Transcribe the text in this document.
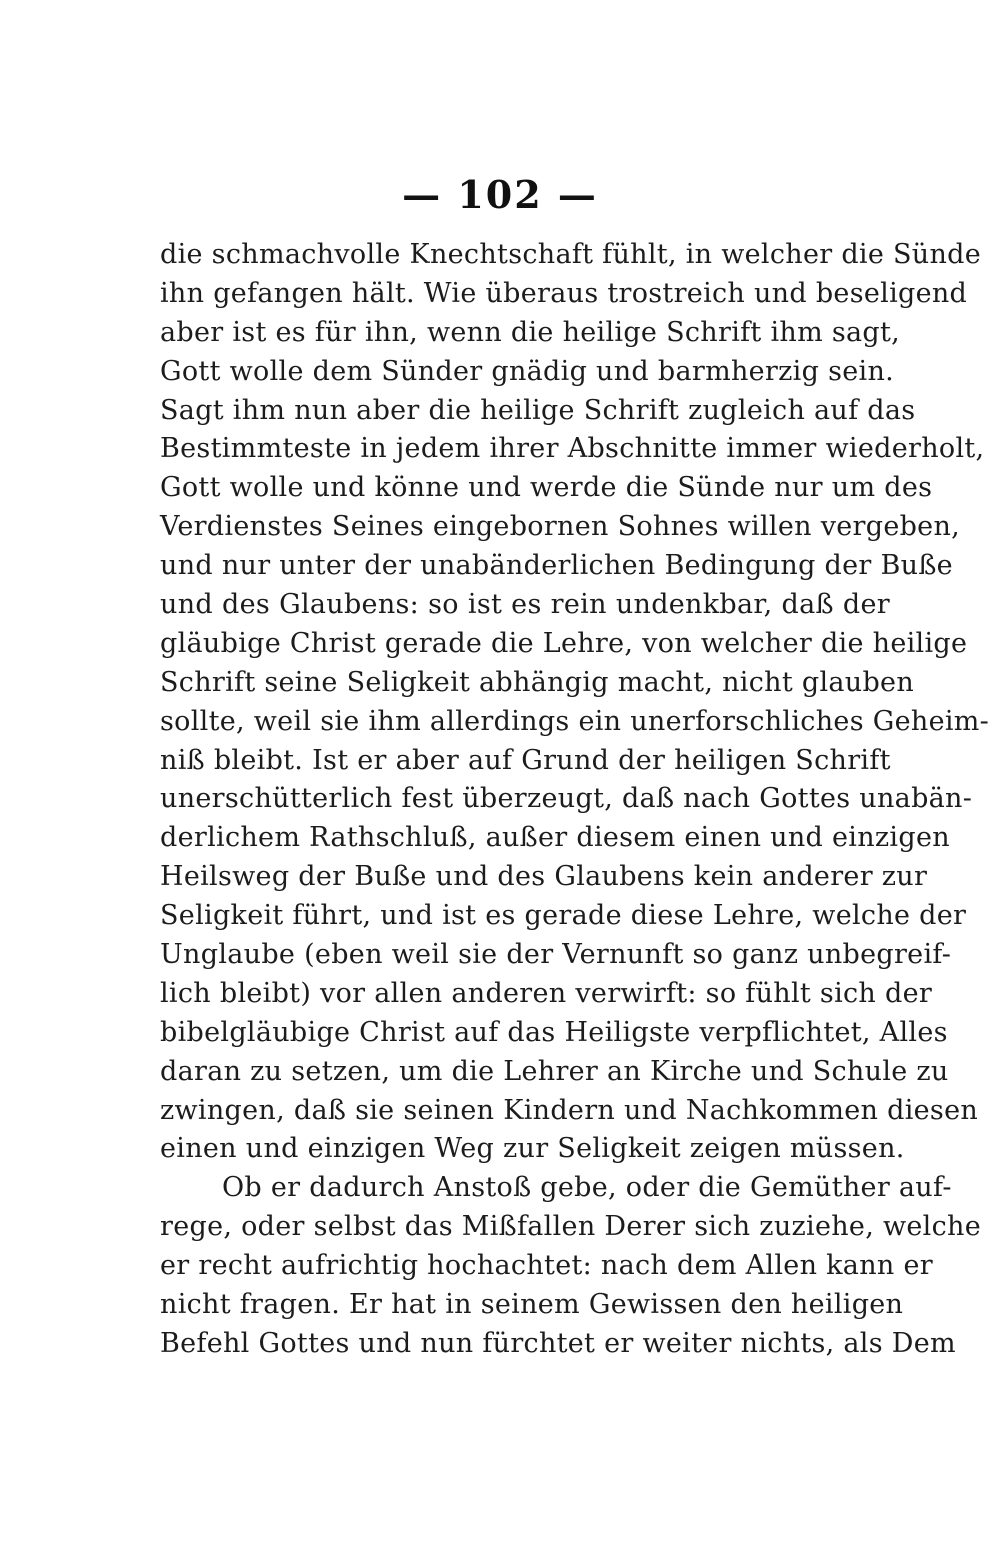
— 102 —
die schmachvolle Knechtschaft fühlt, in welcher die Sünde
ihn gefangen hält. Wie überaus trostreich und beseligend
aber ist es für ihn, wenn die heilige Schrift ihm sagt,
Gott wolle dem Sünder gnädig und barmherzig sein.
Sagt ihm nun aber die heilige Schrift zugleich auf das
Bestimmteste in jedem ihrer Abschnitte immer wiederholt,
Gott wolle und könne und werde die Sünde nur um des
Verdienstes Seines eingebornen Sohnes willen vergeben,
und nur unter der unabänderlichen Bedingung der Buße
und des Glaubens: so ist es rein undenkbar, daß der
gläubige Christ gerade die Lehre, von welcher die heilige
Schrift seine Seligkeit abhängig macht, nicht glauben
sollte, weil sie ihm allerdings ein unerforschliches Geheim-
niß bleibt. Ist er aber auf Grund der heiligen Schrift
unerschütterlich fest überzeugt, daß nach Gottes unabän-
derlichem Rathschluß, außer diesem einen und einzigen
Heilsweg der Buße und des Glaubens kein anderer zur
Seligkeit führt, und ist es gerade diese Lehre, welche der
Unglaube (eben weil sie der Vernunft so ganz unbegreif-
lich bleibt) vor allen anderen verwirft: so fühlt sich der
bibelgläubige Christ auf das Heiligste verpflichtet, Alles
daran zu setzen, um die Lehrer an Kirche und Schule zu
zwingen, daß sie seinen Kindern und Nachkommen diesen
einen und einzigen Weg zur Seligkeit zeigen müssen.
Ob er dadurch Anstoß gebe, oder die Gemüther auf-
rege, oder selbst das Mißfallen Derer sich zuziehe, welche
er recht aufrichtig hochachtet: nach dem Allen kann er
nicht fragen. Er hat in seinem Gewissen den heiligen
Befehl Gottes und nun fürchtet er weiter nichts, als Dem
